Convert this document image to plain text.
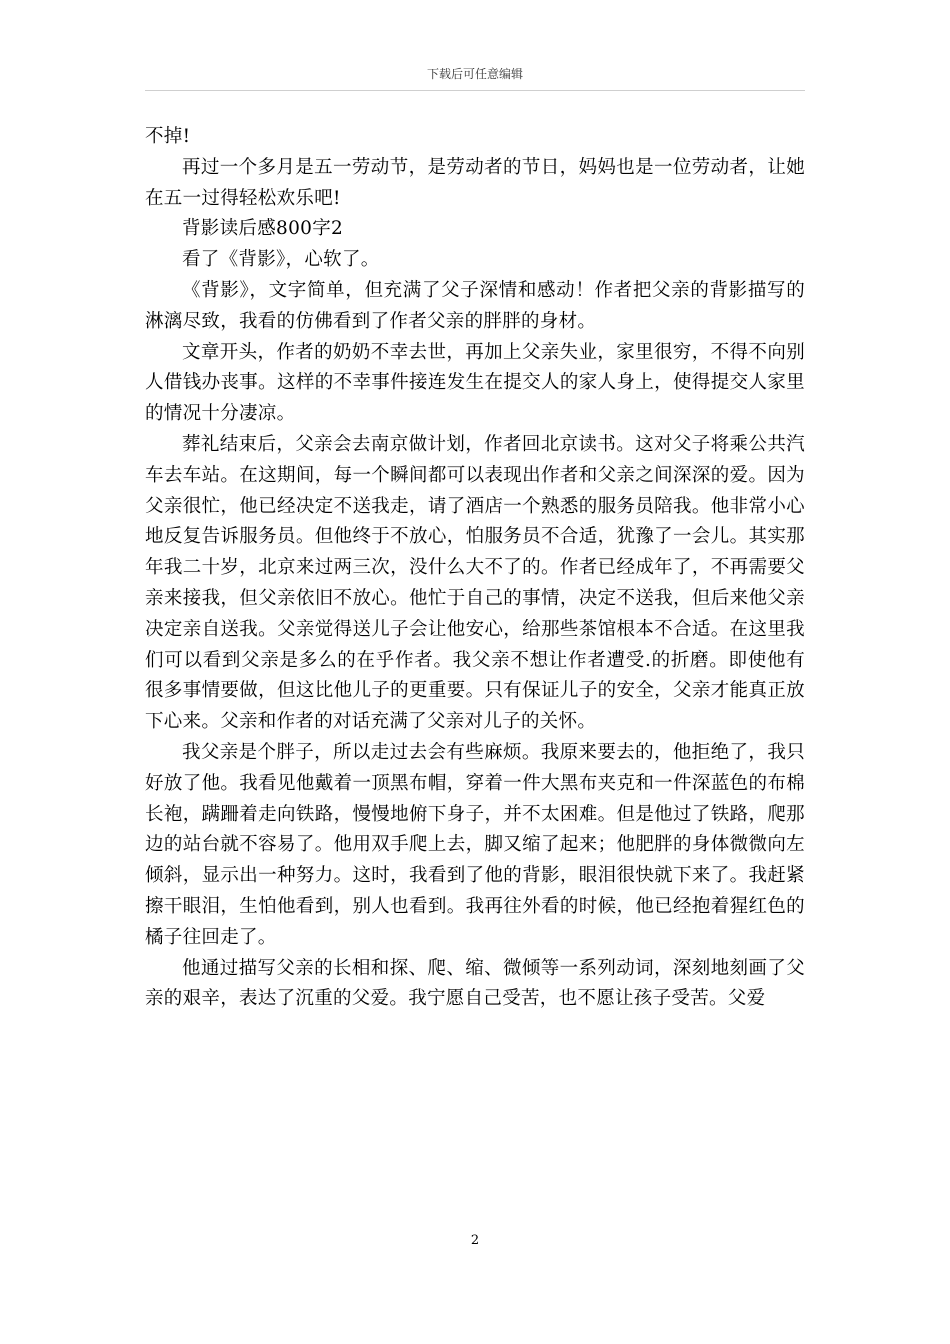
下载后可任意编辑

不掉!

再过一个多月是五一劳动节，是劳动者的节日，妈妈也是一位劳动者，让她在五一过得轻松欢乐吧!

背影读后感800字2

看了《背影》，心软了。

《背影》，文字简单，但充满了父子深情和感动！作者把父亲的背影描写的淋漓尽致，我看的仿佛看到了作者父亲的胖胖的身材。

文章开头，作者的奶奶不幸去世，再加上父亲失业，家里很穷，不得不向别人借钱办丧事。这样的不幸事件接连发生在提交人的家人身上，使得提交人家里的情况十分凄凉。

葬礼结束后，父亲会去南京做计划，作者回北京读书。这对父子将乘公共汽车去车站。在这期间，每一个瞬间都可以表现出作者和父亲之间深深的爱。因为父亲很忙，他已经决定不送我走，请了酒店一个熟悉的服务员陪我。他非常小心地反复告诉服务员。但他终于不放心，怕服务员不合适，犹豫了一会儿。其实那年我二十岁，北京来过两三次，没什么大不了的。作者已经成年了，不再需要父亲来接我，但父亲依旧不放心。他忙于自己的事情，决定不送我，但后来他父亲决定亲自送我。父亲觉得送儿子会让他安心，给那些茶馆根本不合适。在这里我们可以看到父亲是多么的在乎作者。我父亲不想让作者遭受.的折磨。即使他有很多事情要做，但这比他儿子的更重要。只有保证儿子的安全，父亲才能真正放下心来。父亲和作者的对话充满了父亲对儿子的关怀。

我父亲是个胖子，所以走过去会有些麻烦。我原来要去的，他拒绝了，我只好放了他。我看见他戴着一顶黑布帽，穿着一件大黑布夹克和一件深蓝色的布棉长袍，蹒跚着走向铁路，慢慢地俯下身子，并不太困难。但是他过了铁路，爬那边的站台就不容易了。他用双手爬上去，脚又缩了起来；他肥胖的身体微微向左倾斜，显示出一种努力。这时，我看到了他的背影，眼泪很快就下来了。我赶紧擦干眼泪，生怕他看到，别人也看到。我再往外看的时候，他已经抱着猩红色的橘子往回走了。

他通过描写父亲的长相和探、爬、缩、微倾等一系列动词，深刻地刻画了父亲的艰辛，表达了沉重的父爱。我宁愿自己受苦，也不愿让孩子受苦。父爱

2
